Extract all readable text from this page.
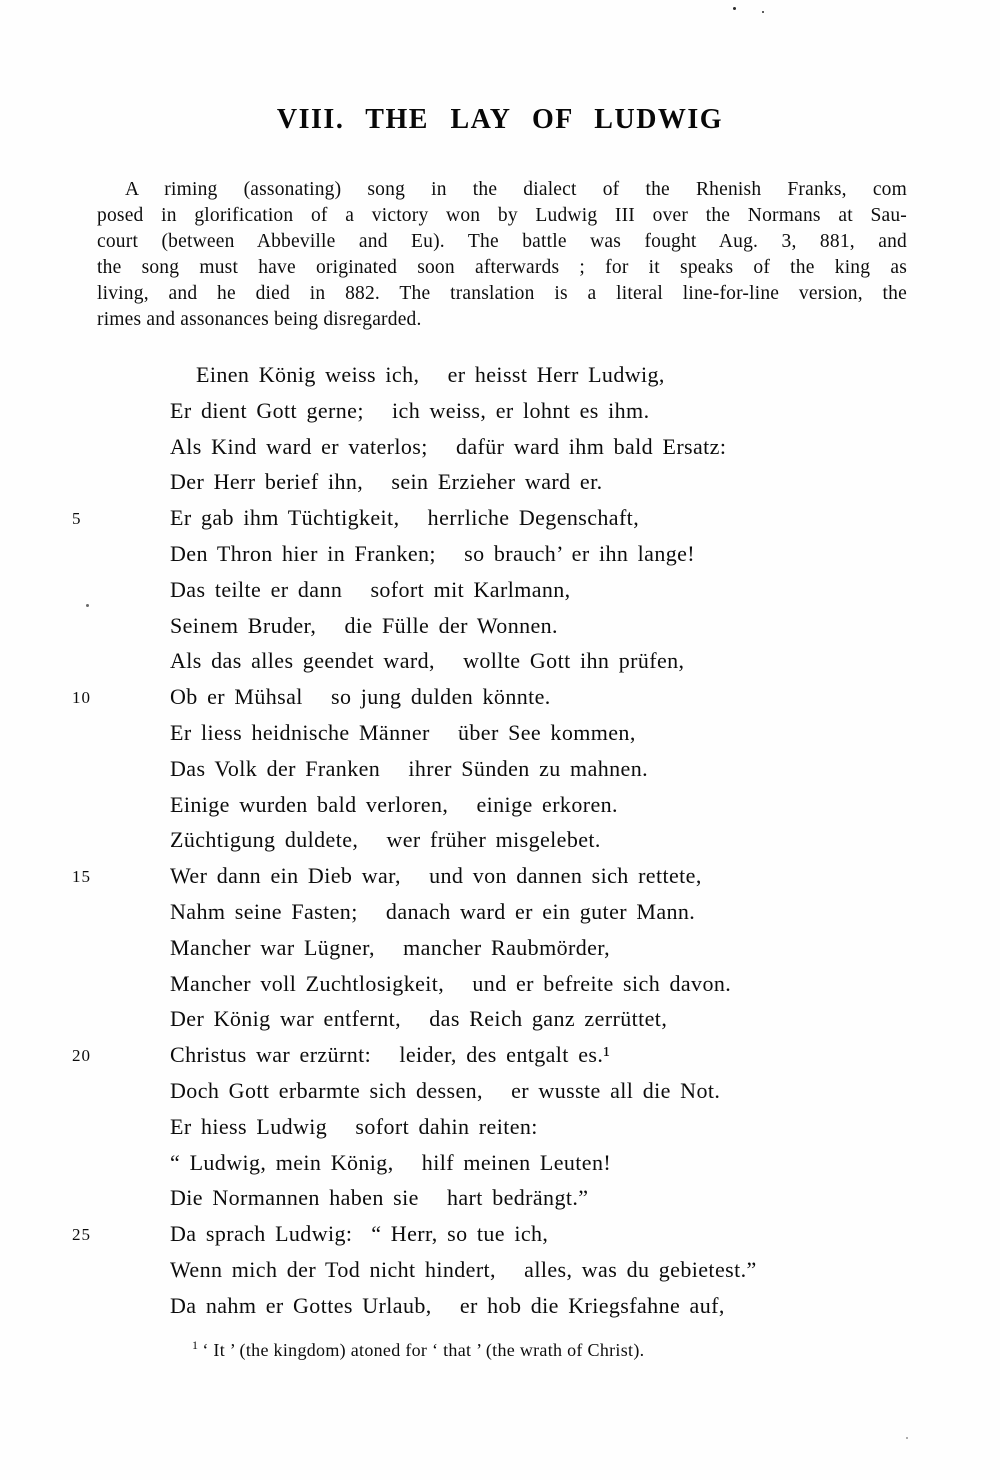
VIII. THE LAY OF LUDWIG
A riming (assonating) song in the dialect of the Rhenish Franks, com
posed in glorification of a victory won by Ludwig III over the Normans at Sau-
court (between Abbeville and Eu). The battle was fought Aug. 3, 881, and
the song must have originated soon afterwards ; for it speaks of the king as
living, and he died in 882. The translation is a literal line-for-line version, the
rimes and assonances being disregarded.
Einen König weiss ich,   er heisst Herr Ludwig,
Er dient Gott gerne;   ich weiss, er lohnt es ihm.
Als Kind ward er vaterlos;   dafür ward ihm bald Ersatz:
Der Herr berief ihn,   sein Erzieher ward er.
5	Er gab ihm Tüchtigkeit,   herrliche Degenschaft,
Den Thron hier in Franken;   so brauch’ er ihn lange!
Das teilte er dann   sofort mit Karlmann,
Seinem Bruder,   die Fülle der Wonnen.
Als das alles geendet ward,   wollte Gott ihn prüfen,
10	Ob er Mühsal   so jung dulden könnte.
Er liess heidnische Männer   über See kommen,
Das Volk der Franken   ihrer Sünden zu mahnen.
Einige wurden bald verloren,   einige erkoren.
Züchtigung duldete,   wer früher misgelebet.
15	Wer dann ein Dieb war,   und von dannen sich rettete,
Nahm seine Fasten;   danach ward er ein guter Mann.
Mancher war Lügner,   mancher Raubmörder,
Mancher voll Zuchtlosigkeit,   und er befreite sich davon.
Der König war entfernt,   das Reich ganz zerrüttet,
20	Christus war erzürnt:   leider, des entgalt es.¹
Doch Gott erbarmte sich dessen,   er wusste all die Not.
Er hiess Ludwig   sofort dahin reiten:
“ Ludwig, mein König,   hilf meinen Leuten!
Die Normannen haben sie   hart bedrängt.”
25	Da sprach Ludwig:  “ Herr, so tue ich,
Wenn mich der Tod nicht hindert,   alles, was du gebietest.”
Da nahm er Gottes Urlaub,   er hob die Kriegsfahne auf,
$^1$ ‘ It ’ (the kingdom) atoned for ‘ that ’ (the wrath of Christ).
